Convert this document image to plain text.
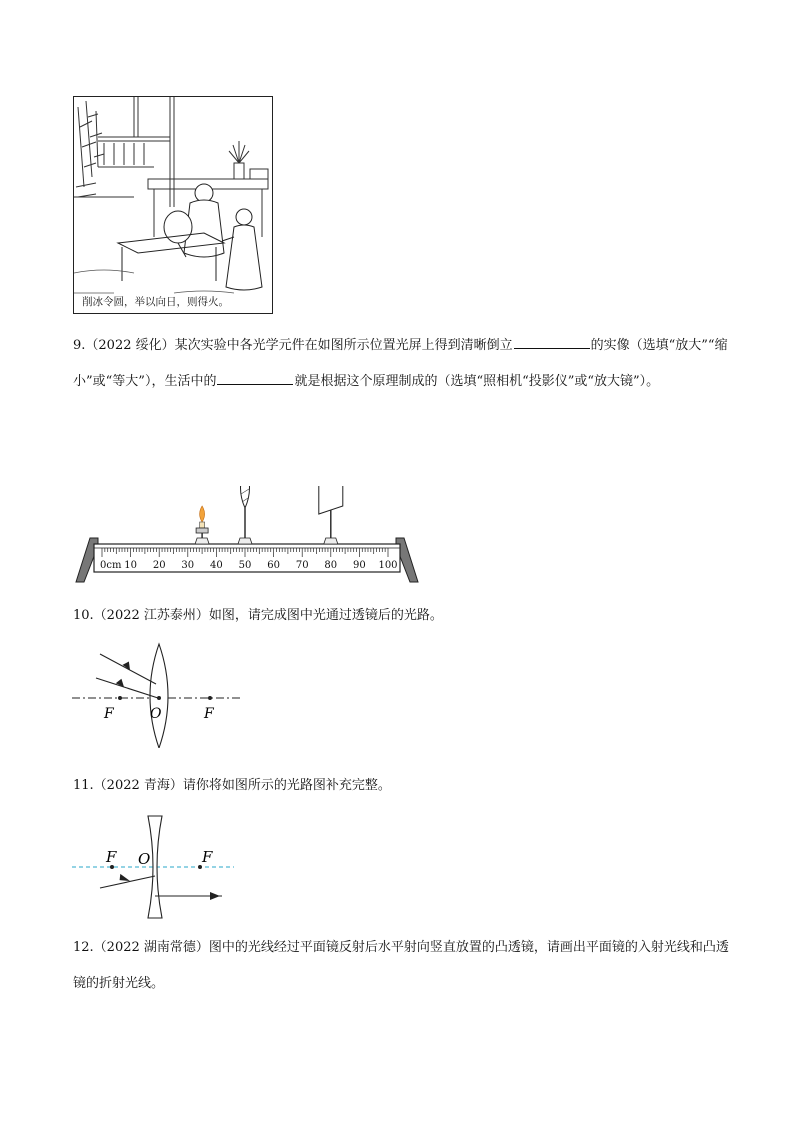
削冰令圆，举以向日，则得火。

9.（2022 绥化）某次实验中各光学元件在如图所示位置光屏上得到清晰倒立	的实像（选填“放大”“缩小”或“等大”），生活中的	就是根据这个原理制成的（选填“照相机“投影仪”或“放大镜”）。

0cm 10 20 30 40 50 60 70 80 90 100

10.（2022 江苏泰州）如图，请完成图中光通过透镜后的光路。

F	O	F

11.（2022 青海）请你将如图所示的光路图补充完整。

F O	F

12.（2022 湖南常德）图中的光线经过平面镜反射后水平射向竖直放置的凸透镜，请画出平面镜的入射光线和凸透镜的折射光线。
